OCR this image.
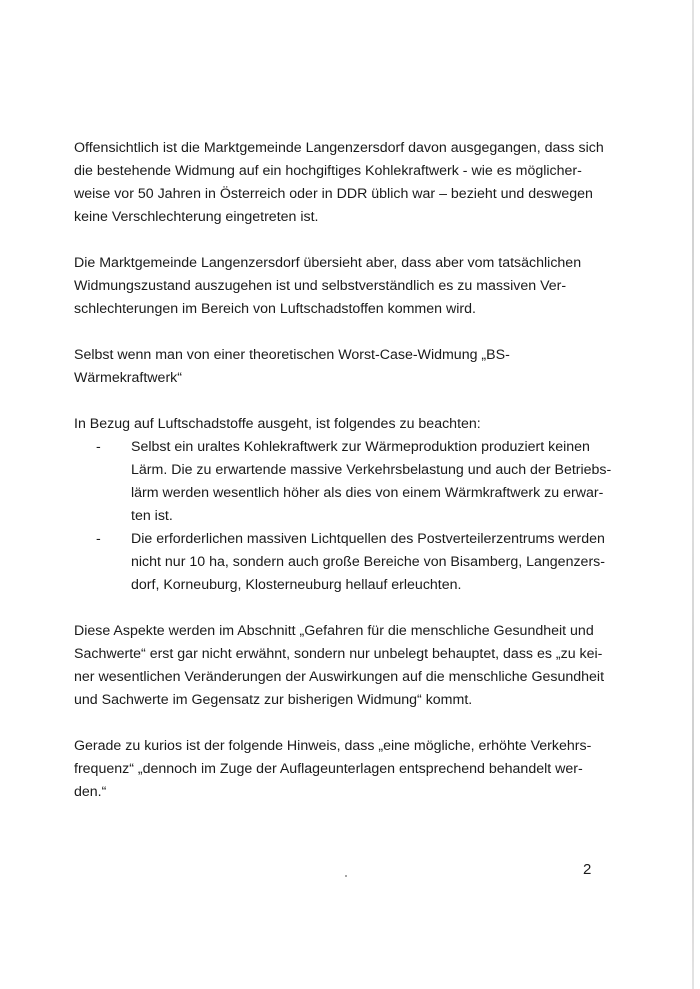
Offensichtlich ist die Marktgemeinde Langenzersdorf davon ausgegangen, dass sich
die bestehende Widmung auf ein hochgiftiges Kohlekraftwerk - wie es möglicher-
weise vor 50 Jahren in Österreich oder in DDR üblich war – bezieht und deswegen
keine Verschlechterung eingetreten ist.

Die Marktgemeinde Langenzersdorf übersieht aber, dass aber vom tatsächlichen
Widmungszustand auszugehen ist und selbstverständlich es zu massiven Ver-
schlechterungen im Bereich von Luftschadstoffen kommen wird.

Selbst wenn man von einer theoretischen Worst-Case-Widmung „BS-
Wärmekraftwerk“

In Bezug auf Luftschadstoffe ausgeht, ist folgendes zu beachten:

- Selbst ein uraltes Kohlekraftwerk zur Wärmeproduktion produziert keinen
Lärm. Die zu erwartende massive Verkehrsbelastung und auch der Betriebs-
lärm werden wesentlich höher als dies von einem Wärmkraftwerk zu erwar-
ten ist.
- Die erforderlichen massiven Lichtquellen des Postverteilerzentrums werden
nicht nur 10 ha, sondern auch große Bereiche von Bisamberg, Langenzers-
dorf, Korneuburg, Klosterneuburg hellauf erleuchten.

Diese Aspekte werden im Abschnitt „Gefahren für die menschliche Gesundheit und
Sachwerte“ erst gar nicht erwähnt, sondern nur unbelegt behauptet, dass es „zu kei-
ner wesentlichen Veränderungen der Auswirkungen auf die menschliche Gesundheit
und Sachwerte im Gegensatz zur bisherigen Widmung“ kommt.

Gerade zu kurios ist der folgende Hinweis, dass „eine mögliche, erhöhte Verkehrs-
frequenz“ „dennoch im Zuge der Auflageunterlagen entsprechend behandelt wer-
den.“

2
